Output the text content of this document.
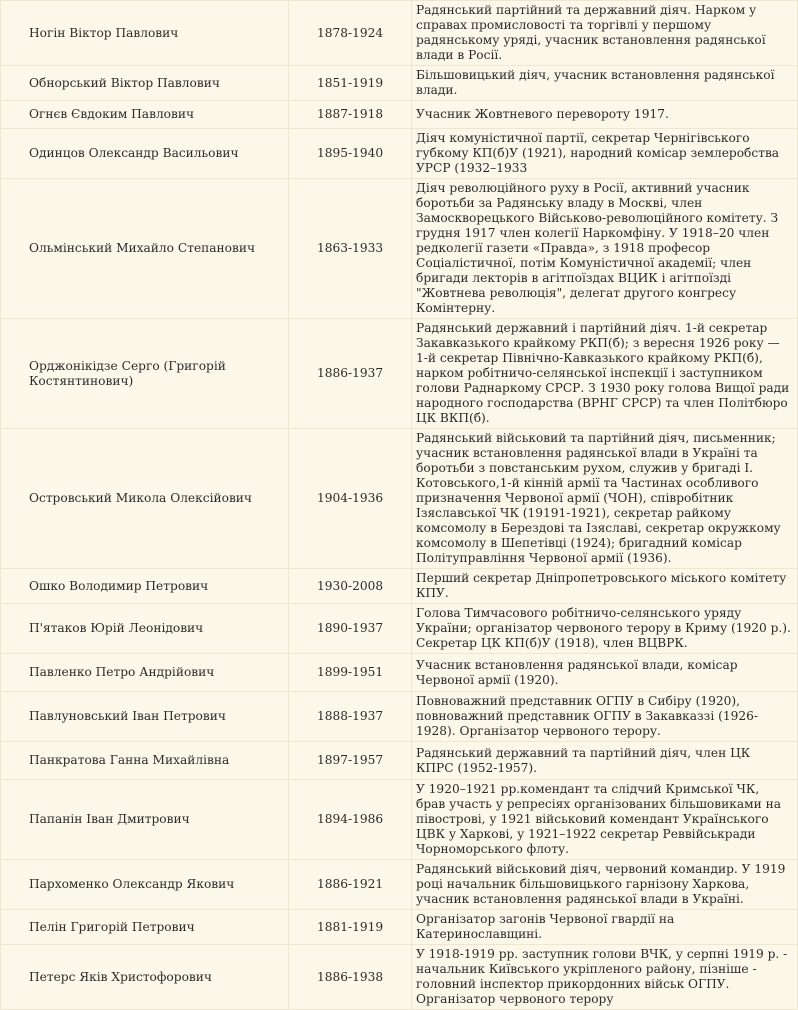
Ногін Віктор Павлович	1878-1924	Радянський партійний та державний діяч. Нарком у справах промисловості та торгівлі у першому радянському уряді, учасник встановлення радянської влади в Росії.
Обнорський Віктор Павлович	1851-1919	Більшовицький діяч, учасник встановлення радянської влади.
Огнєв Євдоким Павлович	1887-1918	Учасник Жовтневого перевороту 1917.
Одинцов Олександр Васильович	1895-1940	Діяч комуністичної партії, секретар Чернігівського губкому КП(б)У (1921), народний комісар землеробства УРСР (1932–1933
Ольмінський Михайло Степанович	1863-1933	Діяч революційного руху в Росії, активний учасник боротьби за Радянську владу в Москві, член Замоскворецького Військово-революційного комітету. З грудня 1917 член колегії Наркомфіну. У 1918–20 член редколегії газети «Правда», з 1918 професор Соціалістичної, потім Комуністичної академії; член бригади лекторів в агітпоїздах ВЦИК і агітпоїзді "Жовтнева революція", делегат другого конгресу Комінтерну.
Орджонікідзе Серго (Григорій Костянтинович)	1886-1937	Радянський державний і партійний діяч. 1-й секретар Закавказького крайкому РКП(б); з вересня 1926 року — 1-й секретар Північно-Кавказького крайкому РКП(б), нарком робітничо-селянської інспекції і заступником голови Раднаркому СРСР. З 1930 року голова Вищої ради народного господарства (ВРНГ СРСР) та член Політбюро ЦК ВКП(б).
Островський Микола Олексійович	1904-1936	Радянський військовий та партійний діяч, письменник; учасник встановлення радянської влади в Україні та боротьби з повстанським рухом, служив у бригаді І. Котовського,1-й кінній армії та Частинах особливого призначення Червоної армії (ЧОН), співробітник Ізяславської ЧК (19191-1921), секретар райкому комсомолу в Берездові та Ізяславі, секретар окружкому комсомолу в Шепетівці (1924); бригадний комісар Політуправління Червоної армії (1936).
Ошко Володимир Петрович	1930-2008	Перший секретар Дніпропетровського міського комітету КПУ.
П'ятаков Юрій Леонідович	1890-1937	Голова Тимчасового робітничо-селянського уряду України; організатор червоного терору в Криму (1920 р.). Секретар ЦК КП(б)У (1918), член ВЦВРК.
Павленко Петро Андрійович	1899-1951	Учасник встановлення радянської влади, комісар Червоної армії (1920).
Павлуновський Іван Петрович	1888-1937	Повноважний представник ОГПУ в Сибіру (1920), повноважний представник ОГПУ в Закавказзі (1926-1928). Організатор червоного терору.
Панкратова Ганна Михайлівна	1897-1957	Радянський державний та партійний діяч, член ЦК КПРС (1952-1957).
Папанін Іван Дмитрович	1894-1986	У 1920–1921 рр.комендант та слідчий Кримської ЧК, брав участь у репресіях організованих більшовиками на півострові, у 1921 військовий комендант Українського ЦВК у Харкові, у 1921–1922 секретар Реввійськради Чорноморського флоту.
Пархоменко Олександр Якович	1886-1921	Радянський військовий діяч, червоний командир. У 1919 році начальник більшовицького гарнізону Харкова, учасник встановлення радянської влади в Україні.
Пелін Григорій Петрович	1881-1919	Організатор загонів Червоної гвардії на Катеринославщині.
Петерс Яків Христофорович	1886-1938	У 1918-1919 рр. заступник голови ВЧК, у серпні 1919 р. - начальник Київського укріпленого району, пізніше - головний інспектор прикордонних військ ОГПУ. Організатор червоного терору
